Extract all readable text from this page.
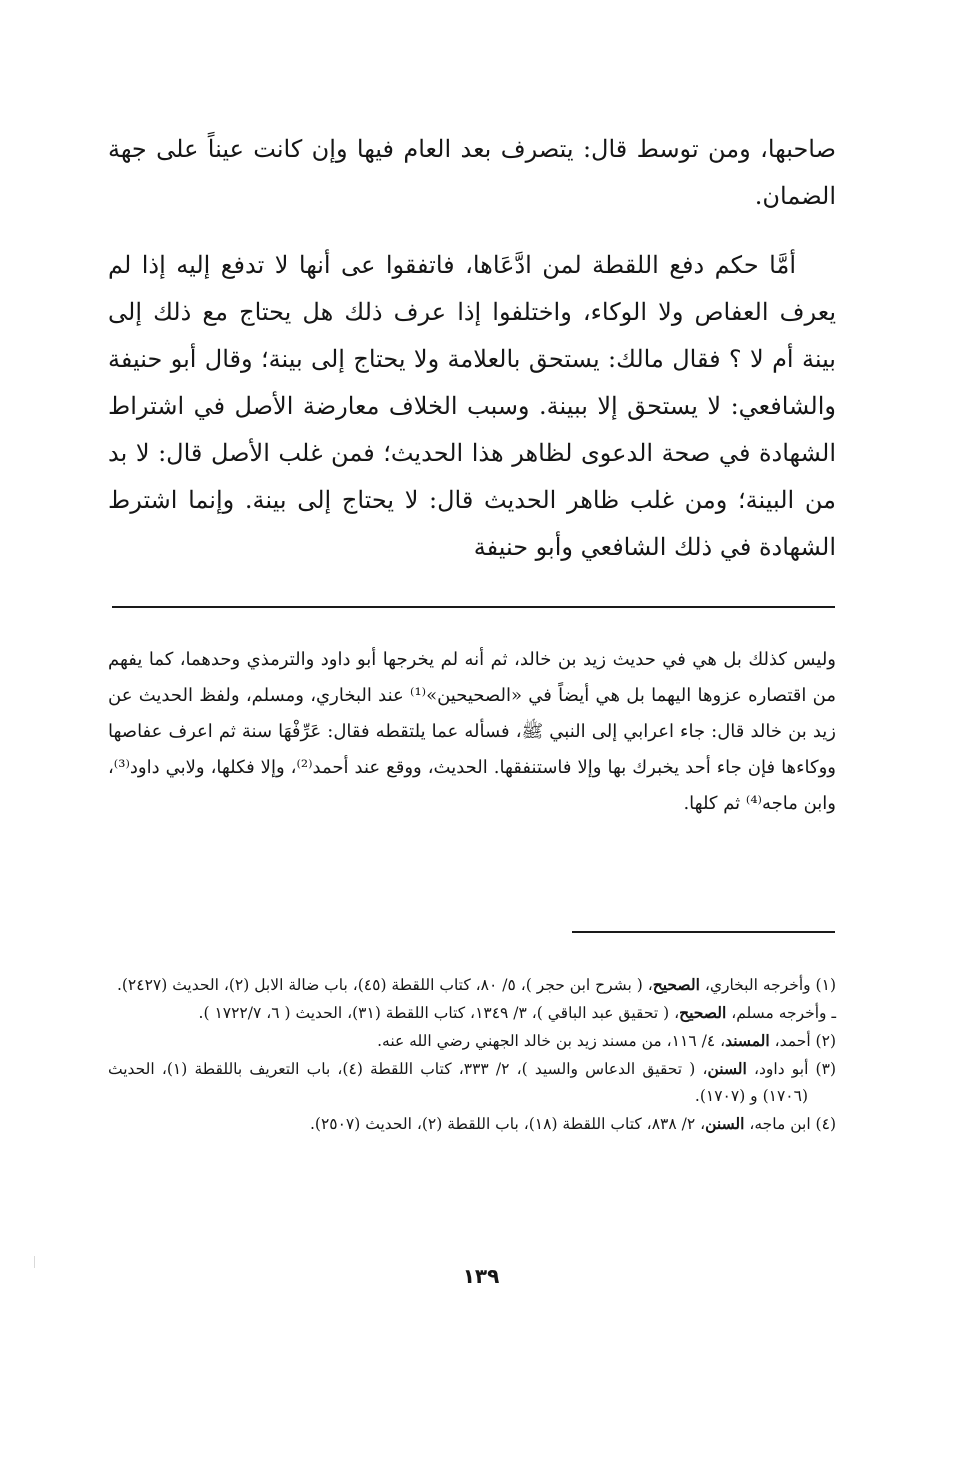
صاحبها، ومن توسط قال: يتصرف بعد العام فيها وإن كانت عيناً على جهة الضمان.

أمَّا حكم دفع اللقطة لمن ادَّعَاها، فاتفقوا عى أنها لا تدفع إليه إذا لم يعرف العفاص ولا الوكاء، واختلفوا إذا عرف ذلك هل يحتاج مع ذلك إلى بينة أم لا ؟ فقال مالك: يستحق بالعلامة ولا يحتاج إلى بينة؛ وقال أبو حنيفة والشافعي: لا يستحق إلا ببينة. وسبب الخلاف معارضة الأصل في اشتراط الشهادة في صحة الدعوى لظاهر هذا الحديث؛ فمن غلب الأصل قال: لا بد من البينة؛ ومن غلب ظاهر الحديث قال: لا يحتاج إلى بينة. وإنما اشترط الشهادة في ذلك الشافعي وأبو حنيفة

وليس كذلك بل هي في حديث زيد بن خالد، ثم أنه لم يخرجها أبو داود والترمذي وحدهما، كما يفهم من اقتصاره عزوها اليهما بل هي أيضاً في «الصحيحين»⁽¹⁾ عند البخاري، ومسلم، ولفظ الحديث عن زيد بن خالد قال: جاء اعرابي إلى النبي ﷺ، فسأله عما يلتقطه فقال: عَرِّفْهَا سنة ثم اعرف عفاصها ووكاءها فإن جاء أحد يخبرك بها وإلا فاستنفقها. الحديث، ووقع عند أحمد⁽²⁾، وإلا فكلها، ولابي داود⁽³⁾، وابن ماجه⁽⁴⁾ ثم كلها.

(١) وأخرجه البخاري، الصحيح، ( بشرح ابن حجر )، ٥/ ٨٠، كتاب اللقطة (٤٥)، باب ضالة الابل (٢)، الحديث (٢٤٢٧).

ـ وأخرجه مسلم، الصحيح، ( تحقيق عبد الباقي )، ٣/ ١٣٤٩، كتاب اللقطة (٣١)، الحديث ( ٦، ١٧٢٢/٧ ).

(٢) أحمد، المسند، ٤/ ١١٦، من مسند زيد بن خالد الجهني رضي الله عنه.

(٣) أبو داود، السنن، ( تحقيق الدعاس والسيد )، ٢/ ٣٣٣، كتاب اللقطة (٤)، باب التعريف باللقطة (١)، الحديث (١٧٠٦) و (١٧٠٧).

(٤) ابن ماجه، السنن، ٢/ ٨٣٨، كتاب اللقطة (١٨)، باب اللقطة (٢)، الحديث (٢٥٠٧).

١٣٩
